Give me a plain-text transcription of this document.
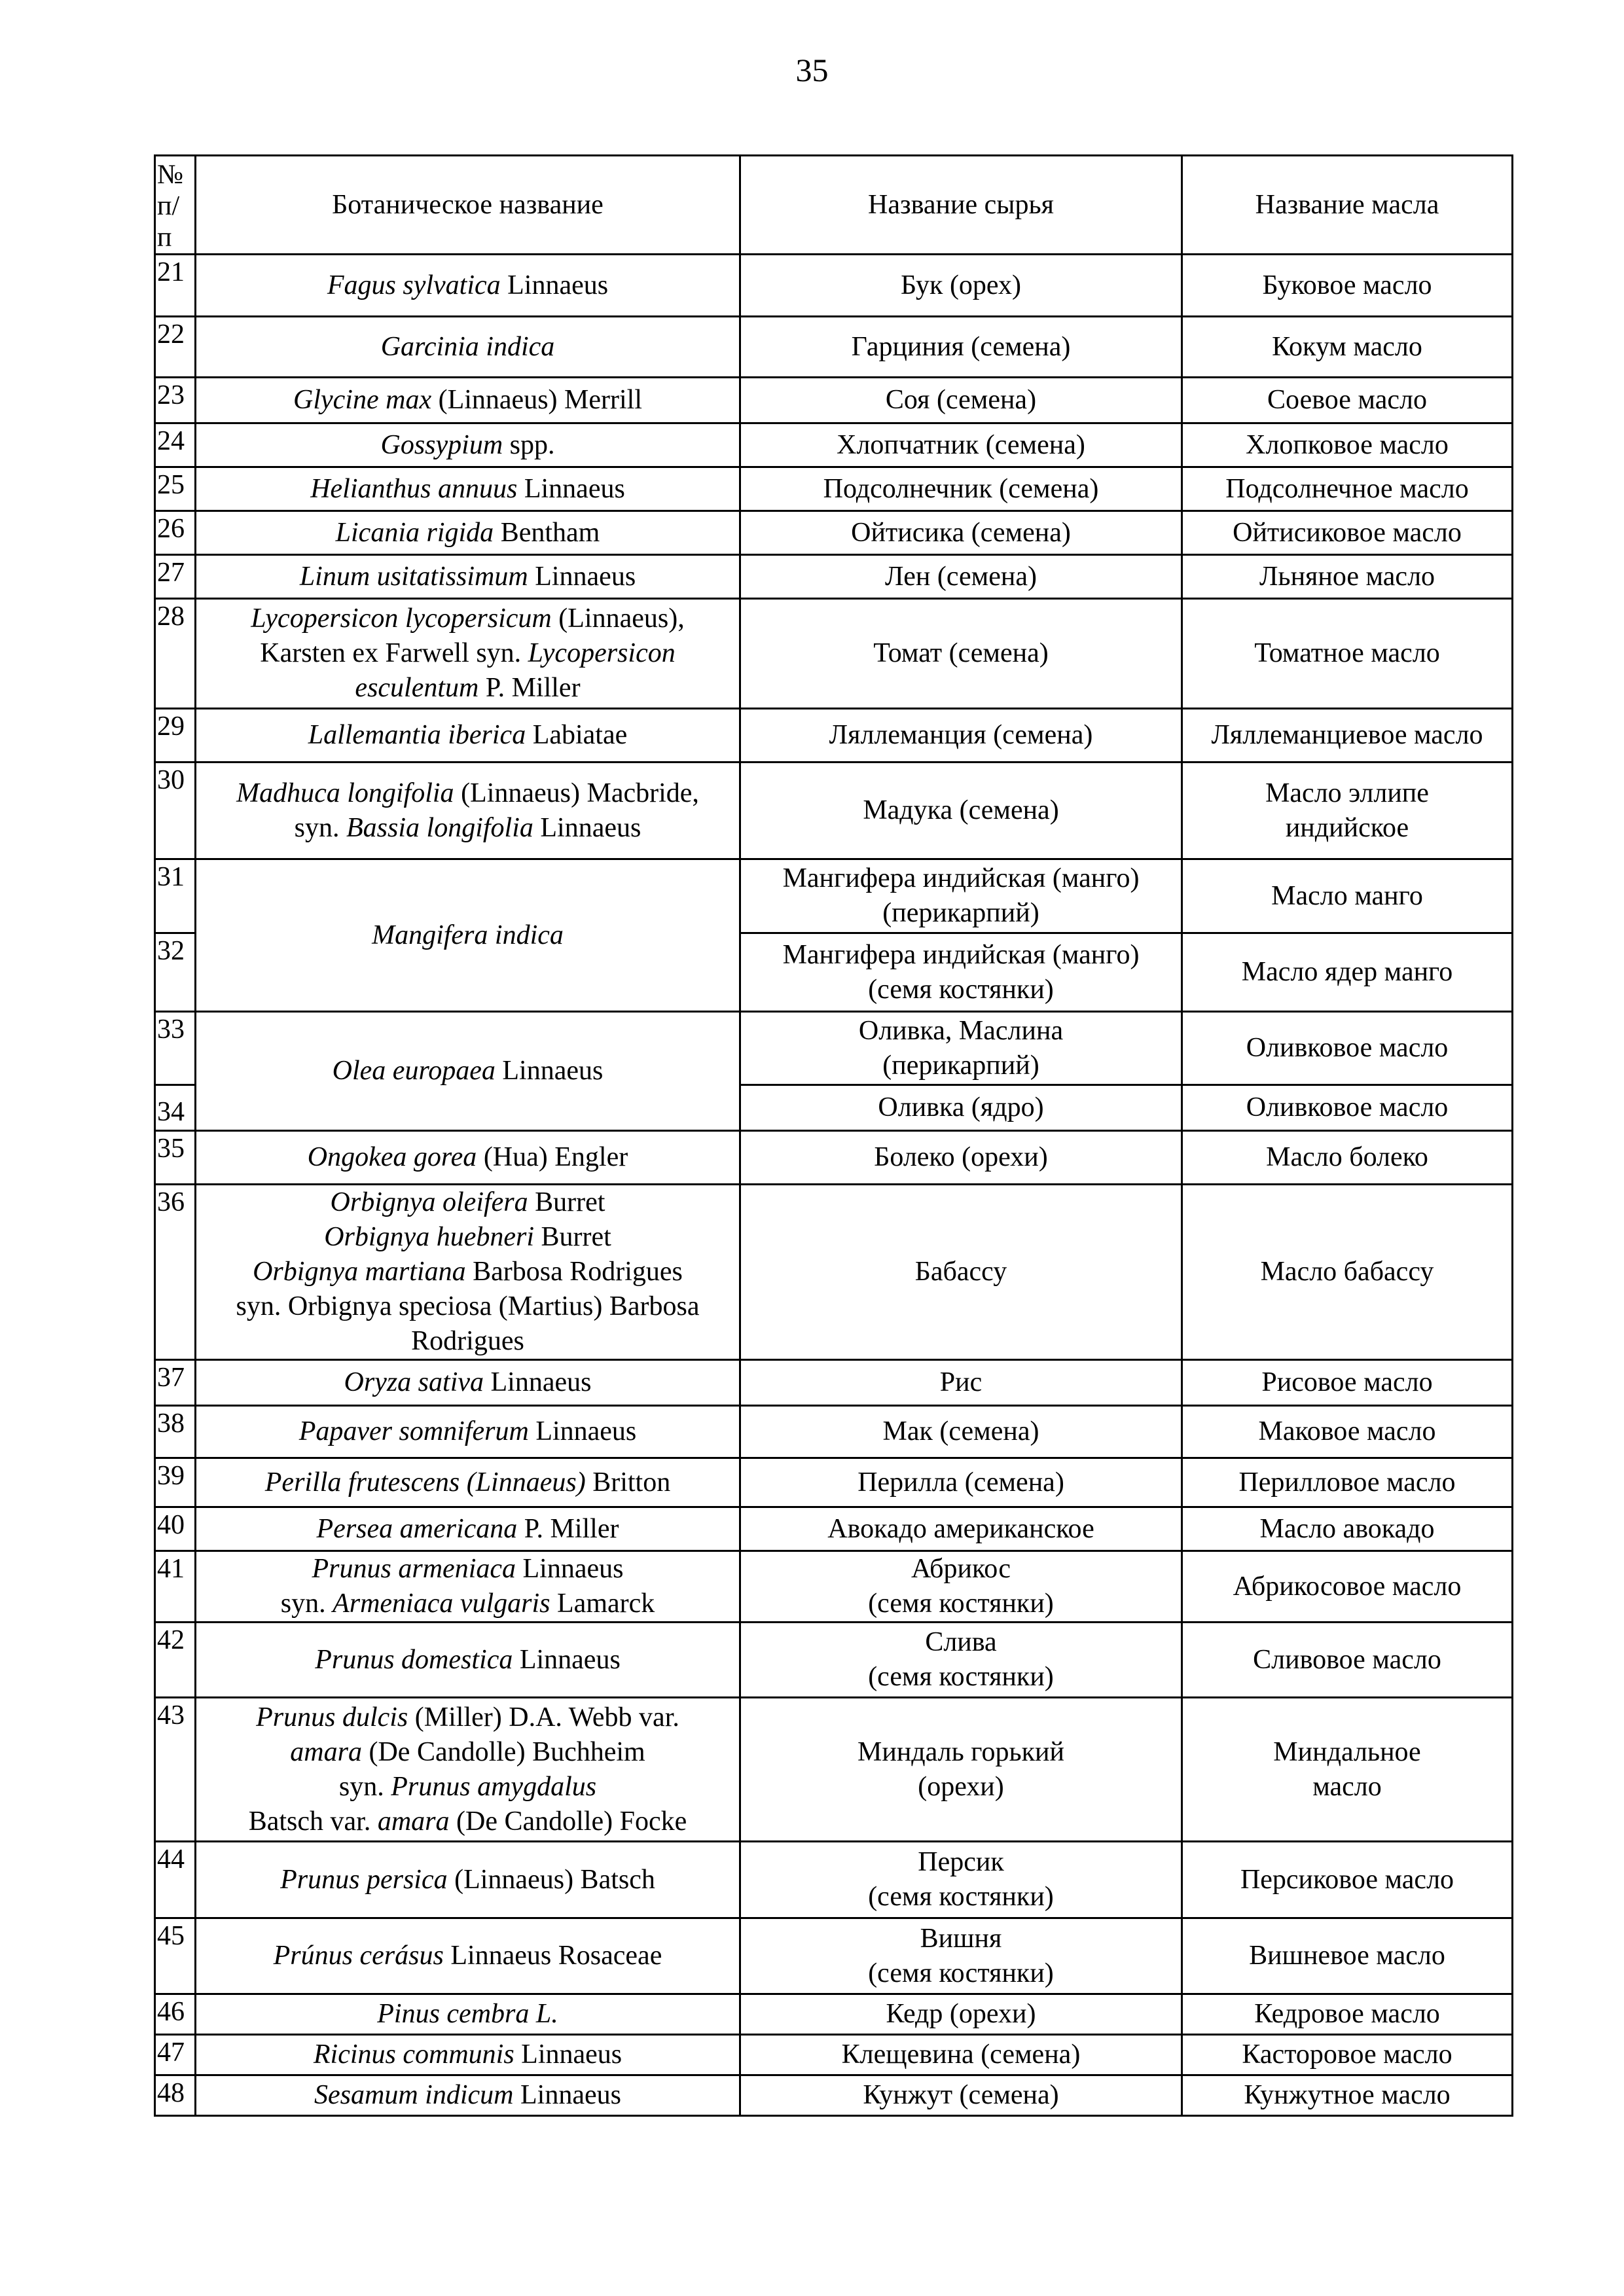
35
№
п/п	Ботаническое название	Название сырья	Название масла
21	Fagus sylvatica Linnaeus	Бук (орех)	Буковое масло
22	Garcinia indica	Гарциния (семена)	Кокум масло
23	Glycine max (Linnaeus) Merrill	Соя (семена)	Соевое масло
24	Gossypium spp.	Хлопчатник (семена)	Хлопковое масло
25	Helianthus annuus Linnaeus	Подсолнечник (семена)	Подсолнечное масло
26	Licania rigida Bentham	Ойтисика (семена)	Ойтисиковое масло
27	Linum usitatissimum Linnaeus	Лен (семена)	Льняное масло
28	Lycopersicon lycopersicum (Linnaeus),
Karsten ex Farwell syn. Lycopersicon
esculentum P. Miller	Томат (семена)	Томатное масло
29	Lallemantia iberica Labiatae	Ляллеманция (семена)	Ляллеманциевое масло
30	Madhuca longifolia (Linnaeus) Macbride,
syn. Bassia longifolia Linnaeus	Мадука (семена)	Масло эллипе
индийское
31	Mangifera indica	Мангифера индийская (манго)
(перикарпий)	Масло манго
32		Мангифера индийская (манго)
(семя костянки)	Масло ядер манго
33	Olea europaea Linnaeus	Оливка, Маслина
(перикарпий)	Оливковое масло
34		Оливка (ядро)	Оливковое масло
35	Ongokea gorea (Hua) Engler	Болеко (орехи)	Масло болеко
36	Orbignya oleifera Burret
Orbignya huebneri Burret
Orbignya martiana Barbosa Rodrigues
syn. Orbignya speciosa (Martius) Barbosa
Rodrigues	Бабассу	Масло бабассу
37	Oryza sativa Linnaeus	Рис	Рисовое масло
38	Papaver somniferum Linnaeus	Мак (семена)	Маковое масло
39	Perilla frutescens (Linnaeus) Britton	Перилла (семена)	Перилловое масло
40	Persea americana P. Miller	Авокадо американское	Масло авокадо
41	Prunus armeniaca Linnaeus
syn. Armeniaca vulgaris Lamarck	Абрикос
(семя костянки)	Абрикосовое масло
42	Prunus domestica Linnaeus	Слива
(семя костянки)	Сливовое масло
43	Prunus dulcis (Miller) D.A. Webb var.
amara (De Candolle) Buchheim
syn. Prunus amygdalus
Batsch var. amara (De Candolle) Focke	Миндаль горький
(орехи)	Миндальное
масло
44	Prunus persica (Linnaeus) Batsch	Персик
(семя костянки)	Персиковое масло
45	Prúnus cerásus Linnaeus Rosaceae	Вишня
(семя костянки)	Вишневое масло
46	Pinus cembra L.	Кедр (орехи)	Кедровое масло
47	Ricinus communis Linnaeus	Клещевина (семена)	Касторовое масло
48	Sesamum indicum Linnaeus	Кунжут (семена)	Кунжутное масло
